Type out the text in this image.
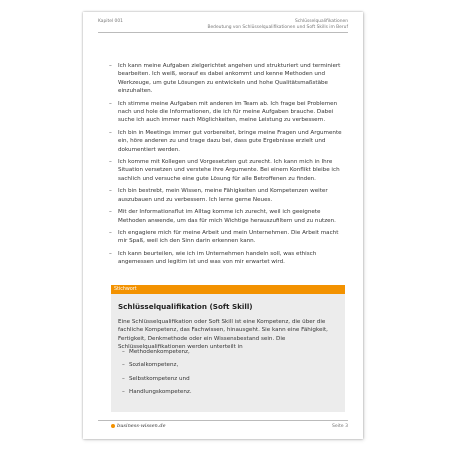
Kapitel 001	Schlüsselqualifikationen
Bedeutung von Schlüsselqualifikationen und Soft Skills im Beruf
– Ich kann meine Aufgaben zielgerichtet angehen und strukturiert und terminiert bearbeiten. Ich weiß, worauf es dabei ankommt und kenne Methoden und Werkzeuge, um gute Lösungen zu entwickeln und hohe Qualitätsmaßstäbe einzuhalten.
– Ich stimme meine Aufgaben mit anderen im Team ab. Ich frage bei Problemen nach und hole die Informationen, die ich für meine Aufgaben brauche. Dabei suche ich auch immer nach Möglichkeiten, meine Leistung zu verbessern.
– Ich bin in Meetings immer gut vorbereitet, bringe meine Fragen und Argumente ein, höre anderen zu und trage dazu bei, dass gute Ergebnisse erzielt und dokumentiert werden.
– Ich komme mit Kollegen und Vorgesetzten gut zurecht. Ich kann mich in Ihre Situation versetzen und verstehe ihre Argumente. Bei einem Konflikt bleibe ich sachlich und versuche eine gute Lösung für alle Betroffenen zu finden.
– Ich bin bestrebt, mein Wissen, meine Fähigkeiten und Kompetenzen weiter auszubauen und zu verbessern. Ich lerne gerne Neues.
– Mit der Informationsflut im Alltag komme ich zurecht, weil ich geeignete Methoden anwende, um das für mich Wichtige herauszufiltern und zu nutzen.
– Ich engagiere mich für meine Arbeit und mein Unternehmen. Die Arbeit macht mir Spaß, weil ich den Sinn darin erkennen kann.
– Ich kann beurteilen, wie ich im Unternehmen handeln soll, was ethisch angemessen und legitim ist und was von mir erwartet wird.
Stichwort
Schlüsselqualifikation (Soft Skill)
Eine Schlüsselqualifikation oder Soft Skill ist eine Kompetenz, die über die fachliche Kompetenz, das Fachwissen, hinausgeht. Sie kann eine Fähigkeit, Fertigkeit, Denkmethode oder ein Wissensbestand sein. Die Schlüsselqualifikationen werden unterteilt in
– Methodenkompetenz,
– Sozialkompetenz,
– Selbstkompetenz und
– Handlungskompetenz.
business-wissen.de	Seite 3
